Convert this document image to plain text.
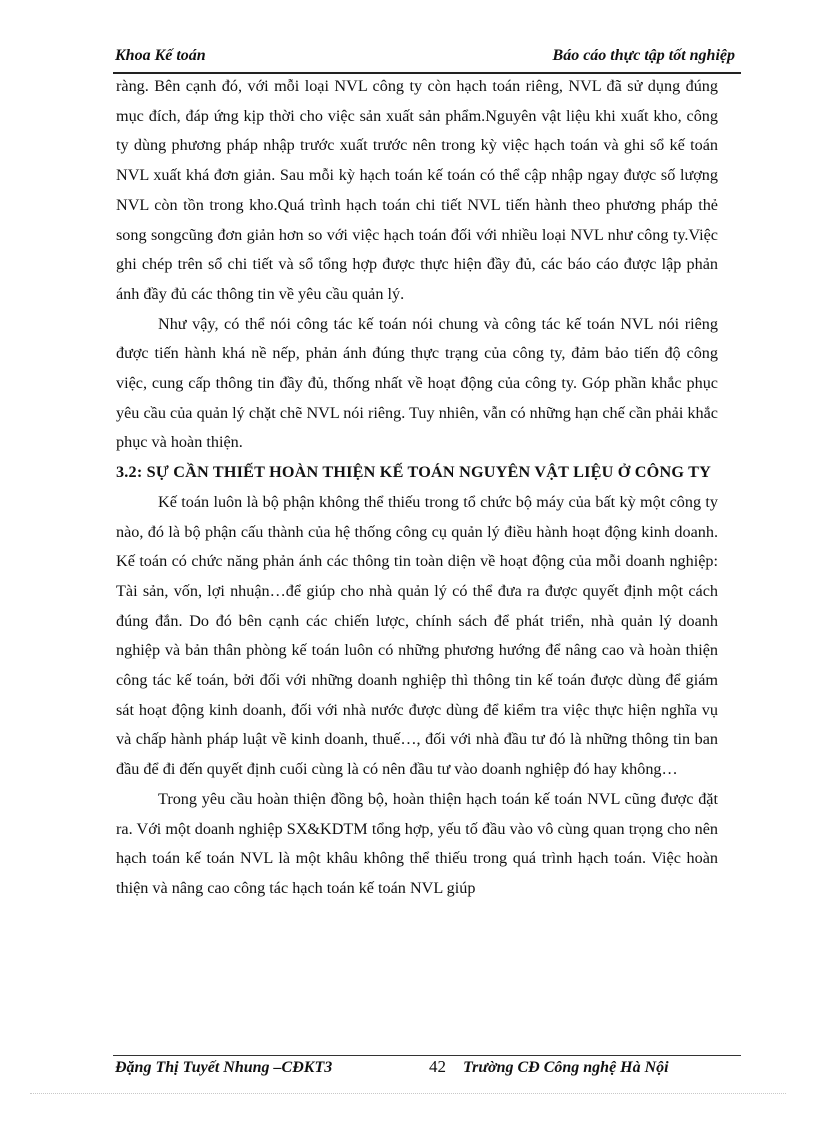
Khoa Kế toán	Báo cáo thực tập tốt nghiệp

ràng. Bên cạnh đó, với mỗi loại NVL công ty còn hạch toán riêng, NVL đã sử dụng đúng mục đích, đáp ứng kịp thời cho việc sản xuất sản phẩm.Nguyên vật liệu khi xuất kho, công ty dùng phương pháp nhập trước xuất trước nên trong kỳ việc hạch toán và ghi sổ kế toán NVL xuất khá đơn giản. Sau mỗi kỳ hạch toán kế toán có thể cập nhập ngay được số lượng NVL còn tồn trong kho.Quá trình hạch toán chi tiết NVL tiến hành theo phương pháp thẻ song songcũng đơn giản hơn so với việc hạch toán đối với nhiều loại NVL như công ty.Việc ghi chép trên sổ chi tiết và sổ tổng hợp được thực hiện đầy đủ, các báo cáo được lập phản ánh đầy đủ các thông tin về yêu cầu quản lý.

Như vậy, có thể nói công tác kế toán nói chung và công tác kế toán NVL nói riêng được tiến hành khá nề nếp, phản ánh đúng thực trạng của công ty, đảm bảo tiến độ công việc, cung cấp thông tin đầy đủ, thống nhất về hoạt động của công ty. Góp phần khắc phục yêu cầu của quản lý chặt chẽ NVL nói riêng. Tuy nhiên, vẫn có những hạn chế cần phải khắc phục và hoàn thiện.

3.2: SỰ CẦN THIẾT HOÀN THIỆN KẾ TOÁN NGUYÊN VẬT LIỆU Ở CÔNG TY

Kế toán luôn là bộ phận không thể thiếu trong tổ chức bộ máy của bất kỳ một công ty nào, đó là bộ phận cấu thành của hệ thống công cụ quản lý điều hành hoạt động kinh doanh. Kế toán có chức năng phản ánh các thông tin toàn diện về hoạt động của mỗi doanh nghiệp: Tài sản, vốn, lợi nhuận…để giúp cho nhà quản lý có thể đưa ra được quyết định một cách đúng đắn. Do đó bên cạnh các chiến lược, chính sách để phát triển, nhà quản lý doanh nghiệp và bản thân phòng kế toán luôn có những phương hướng để nâng cao và hoàn thiện công tác kế toán, bởi đối với những doanh nghiệp thì thông tin kế toán được dùng để giám sát hoạt động kinh doanh, đối với nhà nước được dùng để kiểm tra việc thực hiện nghĩa vụ và chấp hành pháp luật về kinh doanh, thuế…, đối với nhà đầu tư đó là những thông tin ban đầu để đi đến quyết định cuối cùng là có nên đầu tư vào doanh nghiệp đó hay không…

Trong yêu cầu hoàn thiện đồng bộ, hoàn thiện hạch toán kế toán NVL cũng được đặt ra. Với một doanh nghiệp SX&KDTM tổng hợp, yếu tố đầu vào vô cùng quan trọng cho nên hạch toán kế toán NVL là một khâu không thể thiếu trong quá trình hạch toán. Việc hoàn thiện và nâng cao công tác hạch toán kế toán NVL giúp

Đặng Thị Tuyết Nhung –CĐKT3	42 Trường CĐ Công nghệ Hà Nội
